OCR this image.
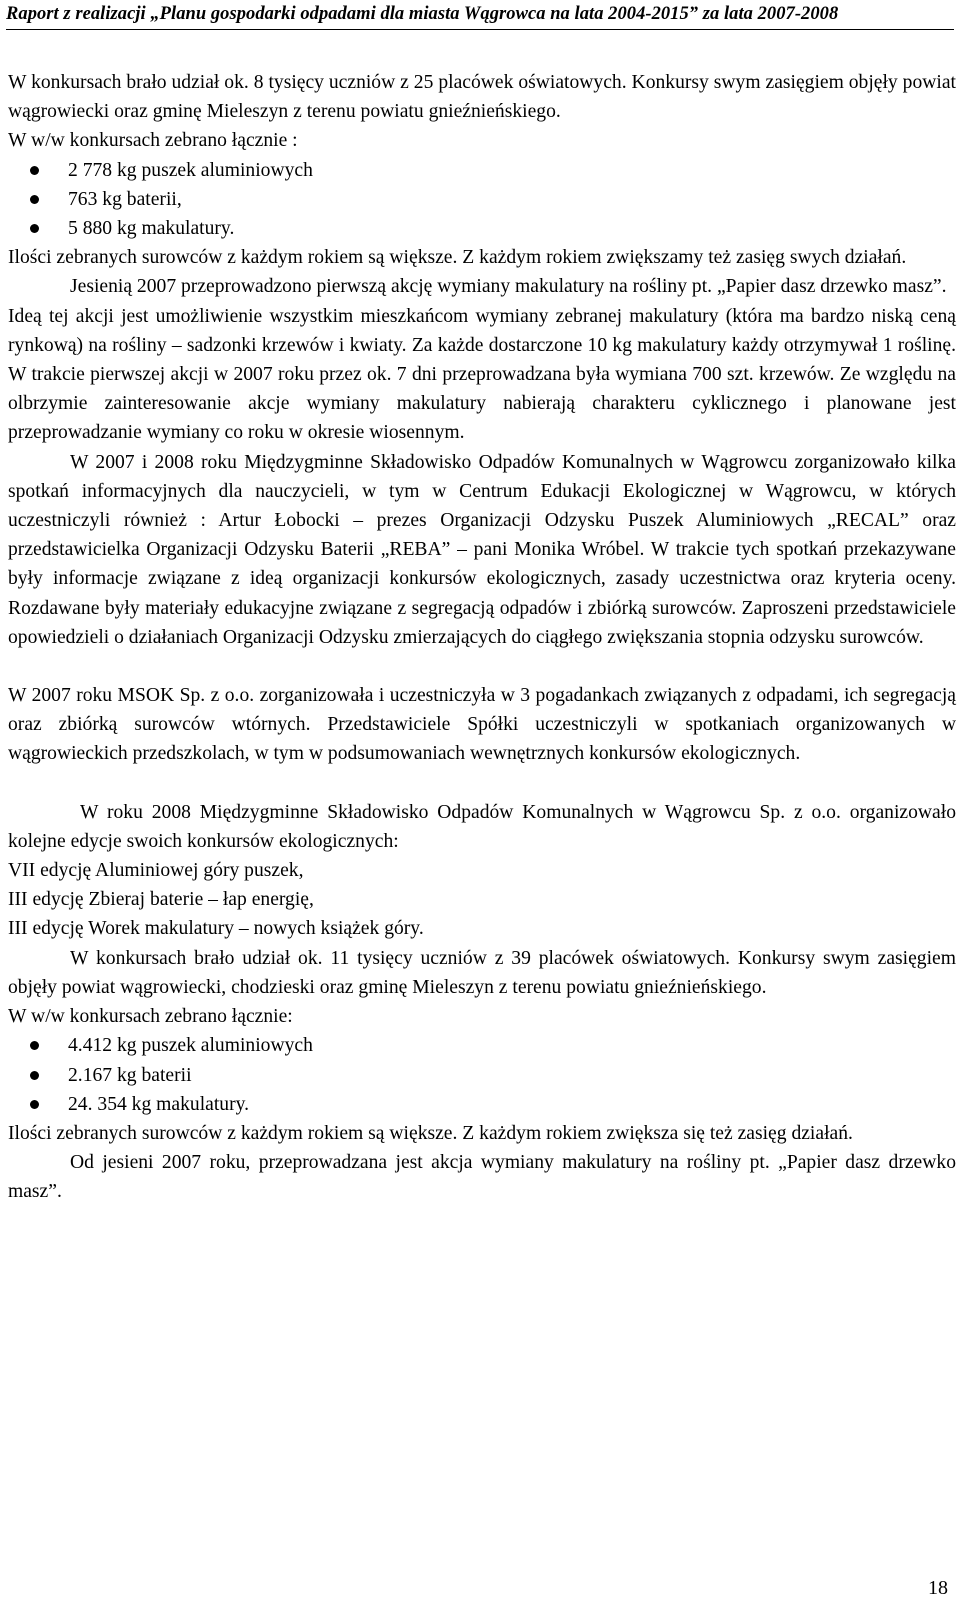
Raport z realizacji „Planu gospodarki odpadami dla miasta Wągrowca na lata 2004-2015” za lata 2007-2008

W konkursach brało udział ok. 8 tysięcy uczniów z 25 placówek oświatowych. Konkursy swym zasięgiem objęły powiat wągrowiecki oraz gminę Mieleszyn z terenu powiatu gnieźnieńskiego.

W w/w konkursach zebrano łącznie :

2 778 kg puszek aluminiowych
763 kg baterii,
5 880 kg makulatury.

Ilości zebranych surowców z każdym rokiem są większe. Z każdym rokiem zwiększamy też zasięg swych działań.

Jesienią 2007 przeprowadzono pierwszą akcję wymiany makulatury na rośliny pt. „Papier dasz drzewko masz”.

Ideą tej akcji jest umożliwienie wszystkim mieszkańcom wymiany zebranej makulatury (która ma bardzo niską ceną rynkową) na rośliny – sadzonki krzewów i kwiaty. Za każde dostarczone 10 kg makulatury każdy otrzymywał 1 roślinę. W trakcie pierwszej akcji w 2007 roku przez ok. 7 dni przeprowadzana była wymiana 700 szt. krzewów. Ze względu na olbrzymie zainteresowanie akcje wymiany makulatury nabierają charakteru cyklicznego i planowane jest przeprowadzanie wymiany co roku w okresie wiosennym.

W 2007 i 2008 roku Międzygminne Składowisko Odpadów Komunalnych w Wągrowcu zorganizowało kilka spotkań informacyjnych dla nauczycieli, w tym w Centrum Edukacji Ekologicznej w Wągrowcu, w których uczestniczyli również : Artur Łobocki – prezes Organizacji Odzysku Puszek Aluminiowych „RECAL” oraz przedstawicielka Organizacji Odzysku Baterii „REBA” – pani Monika Wróbel. W trakcie tych spotkań przekazywane były informacje związane z ideą organizacji konkursów ekologicznych, zasady uczestnictwa oraz kryteria oceny. Rozdawane były materiały edukacyjne związane z segregacją odpadów i zbiórką surowców. Zaproszeni przedstawiciele opowiedzieli o działaniach Organizacji Odzysku zmierzających do ciągłego zwiększania stopnia odzysku surowców.

W 2007 roku MSOK Sp. z o.o. zorganizowała i uczestniczyła w 3 pogadankach związanych z odpadami, ich segregacją oraz zbiórką surowców wtórnych. Przedstawiciele Spółki uczestniczyli w spotkaniach organizowanych w wągrowieckich przedszkolach, w tym w podsumowaniach wewnętrznych konkursów ekologicznych.

W roku 2008 Międzygminne Składowisko Odpadów Komunalnych w Wągrowcu Sp. z o.o. organizowało kolejne edycje swoich konkursów ekologicznych:

VII edycję Aluminiowej góry puszek,

III edycję Zbieraj baterie – łap energię,

III edycję Worek makulatury – nowych książek góry.

W konkursach brało udział ok. 11 tysięcy uczniów z 39 placówek oświatowych. Konkursy swym zasięgiem objęły powiat wągrowiecki, chodzieski oraz gminę Mieleszyn z terenu powiatu gnieźnieńskiego.

W w/w konkursach zebrano łącznie:

4.412 kg puszek aluminiowych
2.167 kg baterii
24. 354 kg makulatury.

Ilości zebranych surowców z każdym rokiem są większe. Z każdym rokiem zwiększa się też zasięg działań.

Od jesieni 2007 roku, przeprowadzana jest akcja wymiany makulatury na rośliny pt. „Papier dasz drzewko masz”.

18
